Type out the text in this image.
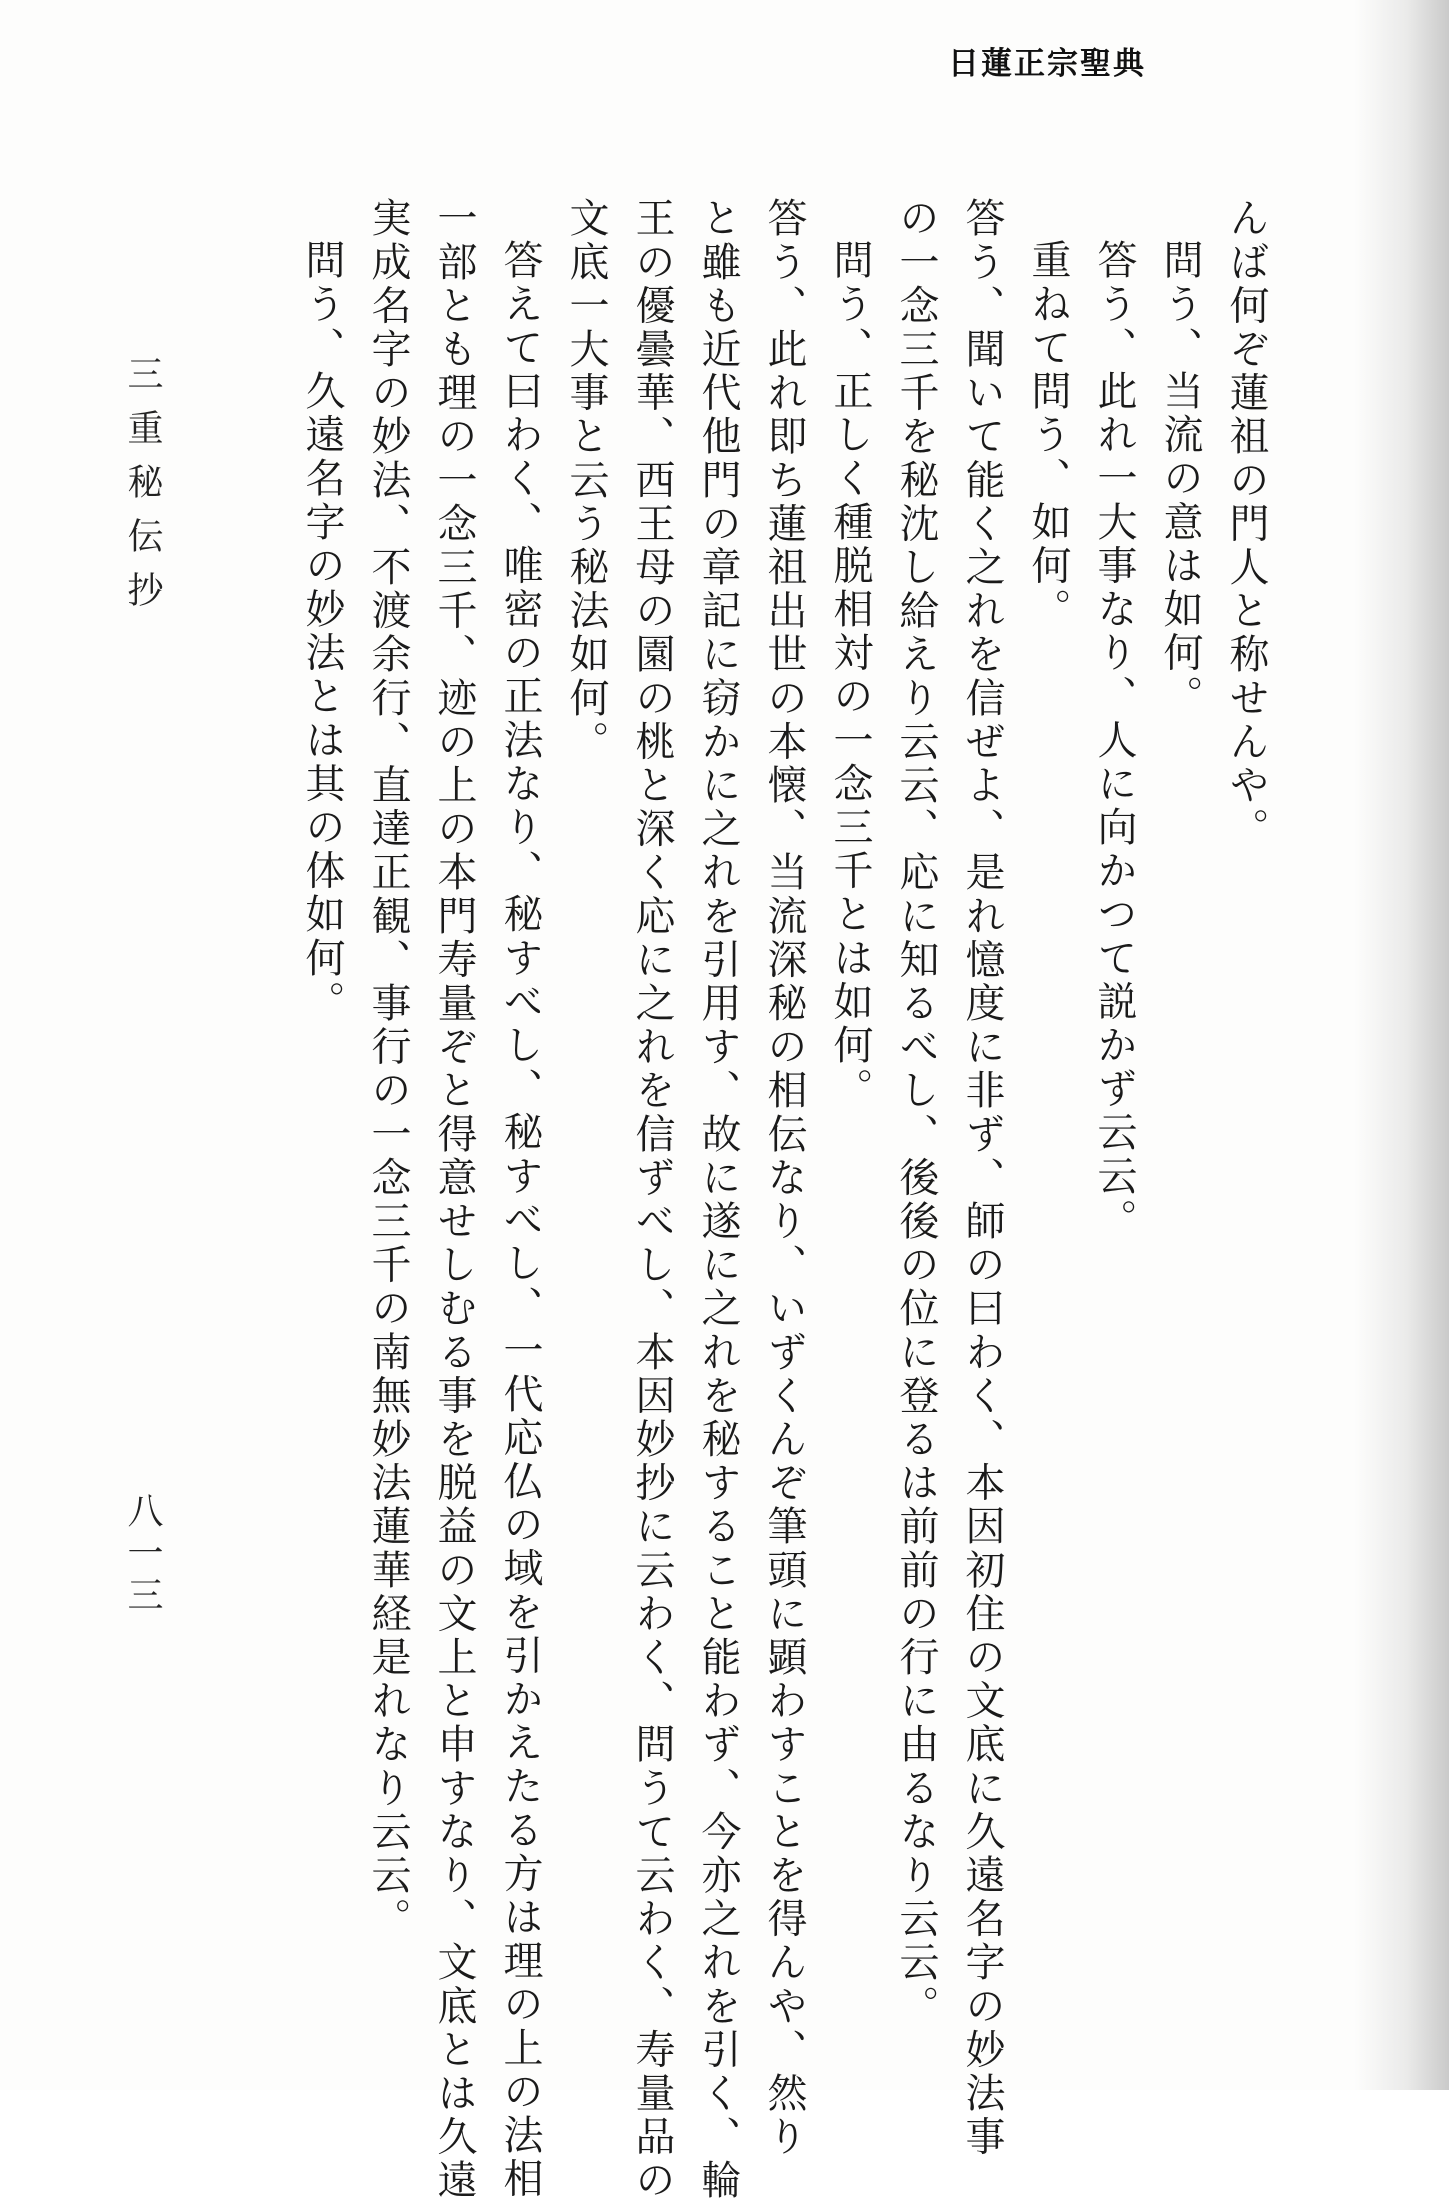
日蓮正宗聖典
んば何ぞ蓮祖の門人と称せんや。
問う、当流の意は如何。
答う、此れ一大事なり、人に向かつて説かず云云。
重ねて問う、如何。
答う、聞いて能く之れを信ぜよ、是れ憶度に非ず、師の曰わく、本因初住の文底に久遠名字の妙法事
の一念三千を秘沈し給えり云云、応に知るべし、後後の位に登るは前前の行に由るなり云云。
問う、正しく種脱相対の一念三千とは如何。
答う、此れ即ち蓮祖出世の本懐、当流深秘の相伝なり、いずくんぞ筆頭に顕わすことを得んや、然り
と雖も近代他門の章記に窃かに之れを引用す、故に遂に之れを秘すること能わず、今亦之れを引く、輪
王の優曇華、西王母の園の桃と深く応に之れを信ずべし、本因妙抄に云わく、問うて云わく、寿量品の
文底一大事と云う秘法如何。
答えて曰わく、唯密の正法なり、秘すべし、秘すべし、一代応仏の域を引かえたる方は理の上の法相
一部とも理の一念三千、迹の上の本門寿量ぞと得意せしむる事を脱益の文上と申すなり、文底とは久遠
実成名字の妙法、不渡余行、直達正観、事行の一念三千の南無妙法蓮華経是れなり云云。
問う、久遠名字の妙法とは其の体如何。
三重秘伝抄
八一三
